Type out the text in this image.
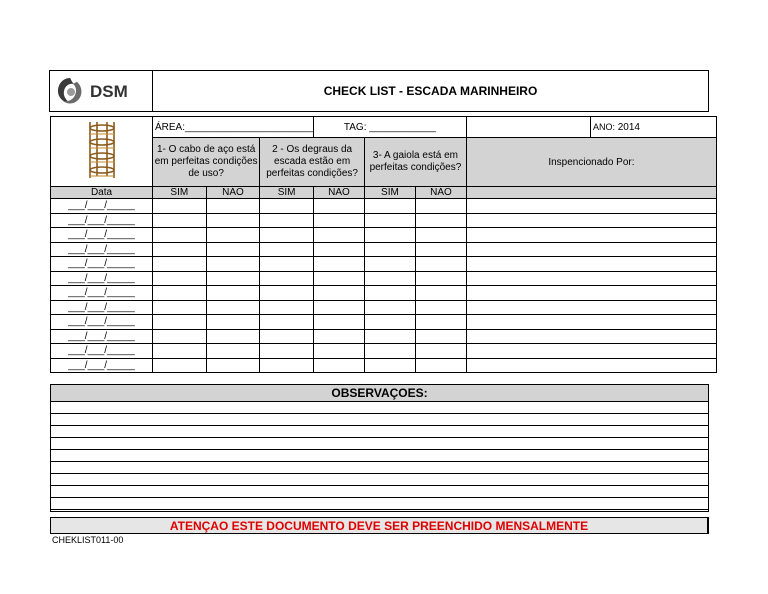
DSM	CHECK LIST - ESCADA MARINHEIRO
	ÁREA:_______________________			TAG: ____________				ANO: 2014
	1- O cabo de aço está em perfeitas condições de uso?		2 - Os degraus da escada estão em perfeitas condições?		3- A gaiola está em perfeitas condições?		Inspencionado Por:	
Data	SIM	NAO	SIM	NAO	SIM	NAO		
___/___/_____								
___/___/_____								
___/___/_____								
___/___/_____								
___/___/_____								
___/___/_____								
___/___/_____								
___/___/_____								
___/___/_____								
___/___/_____								
___/___/_____								
___/___/_____								
OBSERVAÇOES:
ATENÇAO ESTE DOCUMENTO DEVE SER PREENCHIDO MENSALMENTE
CHEKLIST011-00
